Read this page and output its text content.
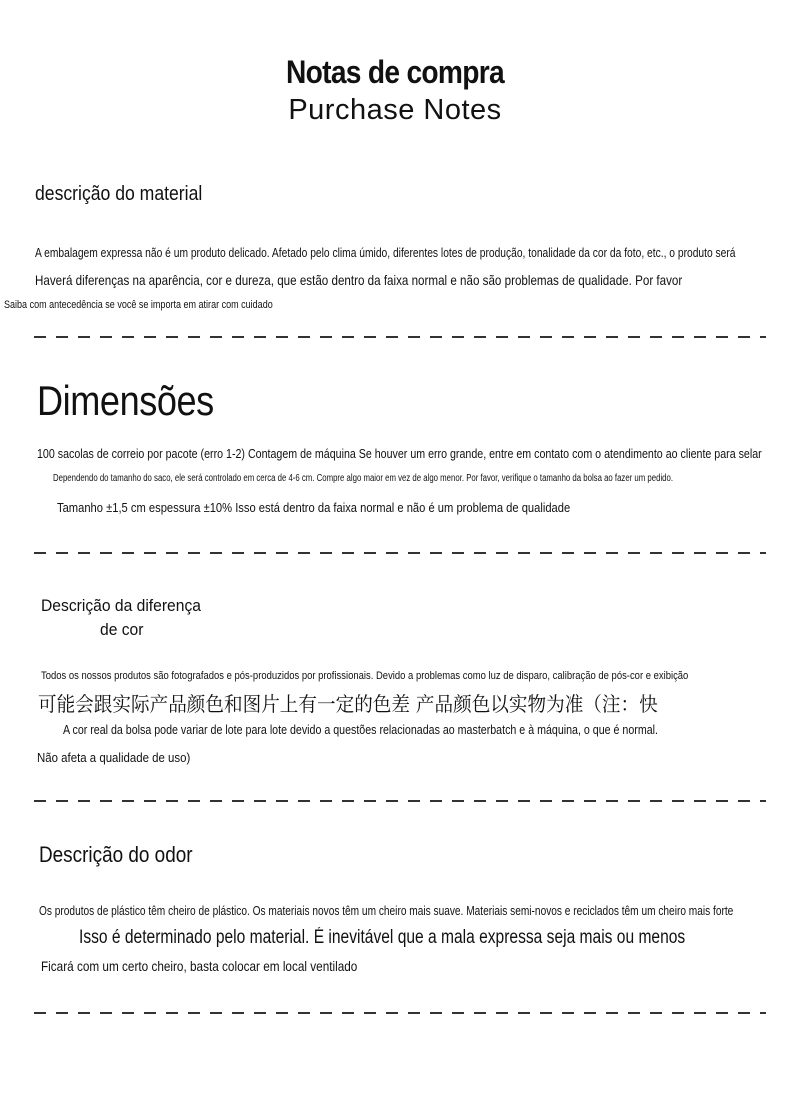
Notas de compra
Purchase Notes
descrição do material
A embalagem expressa não é um produto delicado. Afetado pelo clima úmido, diferentes lotes de produção, tonalidade da cor da foto, etc., o produto será
Haverá diferenças na aparência, cor e dureza, que estão dentro da faixa normal e não são problemas de qualidade. Por favor
Saiba com antecedência se você se importa em atirar com cuidado
Dimensões
100 sacolas de correio por pacote (erro 1-2) Contagem de máquina Se houver um erro grande, entre em contato com o atendimento ao cliente para selar
Dependendo do tamanho do saco, ele será controlado em cerca de 4-6 cm. Compre algo maior em vez de algo menor. Por favor, verifique o tamanho da bolsa ao fazer um pedido.
Tamanho ±1,5 cm espessura ±10% Isso está dentro da faixa normal e não é um problema de qualidade
Descrição da diferença
de cor
Todos os nossos produtos são fotografados e pós-produzidos por profissionais. Devido a problemas como luz de disparo, calibração de pós-cor e exibição
可能会跟实际产品颜色和图片上有一定的色差 产品颜色以实物为准（注：快
A cor real da bolsa pode variar de lote para lote devido a questões relacionadas ao masterbatch e à máquina, o que é normal.
Não afeta a qualidade de uso)
Descrição do odor
Os produtos de plástico têm cheiro de plástico. Os materiais novos têm um cheiro mais suave. Materiais semi-novos e reciclados têm um cheiro mais forte
Isso é determinado pelo material. É inevitável que a mala expressa seja mais ou menos
Ficará com um certo cheiro, basta colocar em local ventilado
